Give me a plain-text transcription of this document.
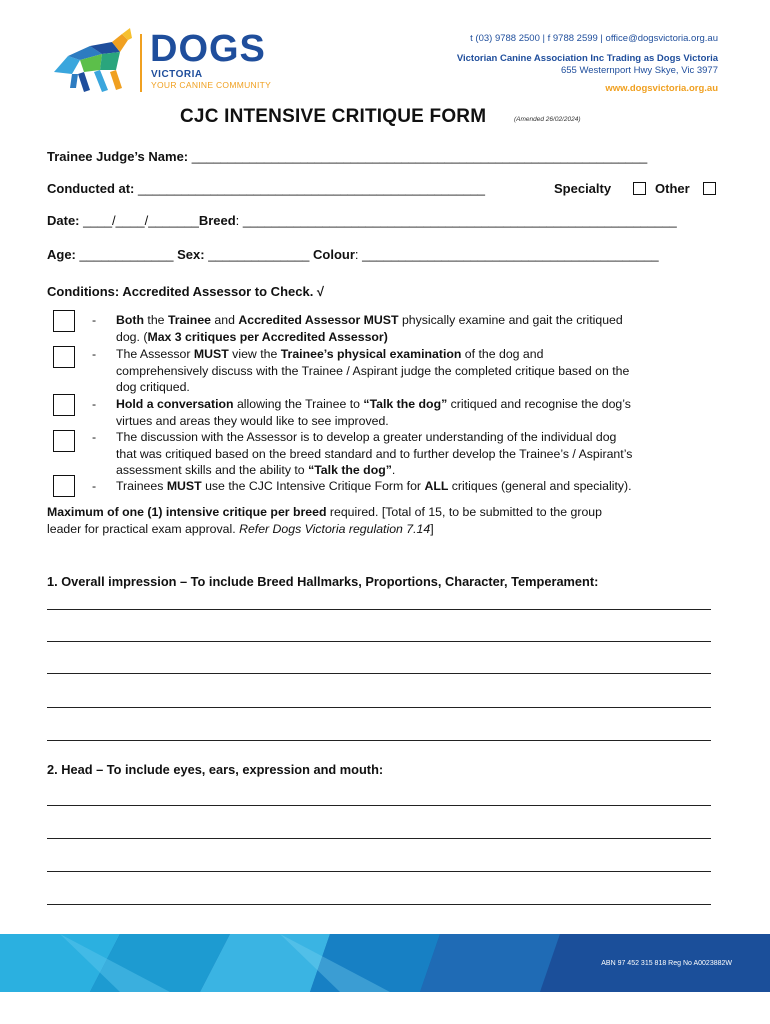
DOGS
VICTORIA
YOUR CANINE COMMUNITY
t (03) 9788 2500 | f 9788 2599 | office@dogsvictoria.org.au
Victorian Canine Association Inc Trading as Dogs Victoria
655 Westernport Hwy Skye, Vic 3977
www.dogsvictoria.org.au
CJC INTENSIVE CRITIQUE FORM	(Amended 26/02/2024)
Trainee Judge’s Name: _______________________________________________________________
Conducted at: ________________________________________________	Specialty	Other
Date: ____/____/_______Breed: ____________________________________________________________
Age: _____________ Sex: ______________ Colour: _________________________________________
Conditions: Accredited Assessor to Check. √
- Both the Trainee and Accredited Assessor MUST physically examine and gait the critiqued
dog. (Max 3 critiques per Accredited Assessor)
- The Assessor MUST view the Trainee’s physical examination of the dog and
comprehensively discuss with the Trainee / Aspirant judge the completed critique based on the
dog critiqued.
- Hold a conversation allowing the Trainee to “Talk the dog” critiqued and recognise the dog’s
virtues and areas they would like to see improved.
- The discussion with the Assessor is to develop a greater understanding of the individual dog
that was critiqued based on the breed standard and to further develop the Trainee’s / Aspirant’s
assessment skills and the ability to “Talk the dog”.
- Trainees MUST use the CJC Intensive Critique Form for ALL critiques (general and speciality).
Maximum of one (1) intensive critique per breed required. [Total of 15, to be submitted to the group
leader for practical exam approval. Refer Dogs Victoria regulation 7.14]
1. Overall impression – To include Breed Hallmarks, Proportions, Character, Temperament:
2. Head – To include eyes, ears, expression and mouth:
ABN 97 452 315 818 Reg No A0023882W
